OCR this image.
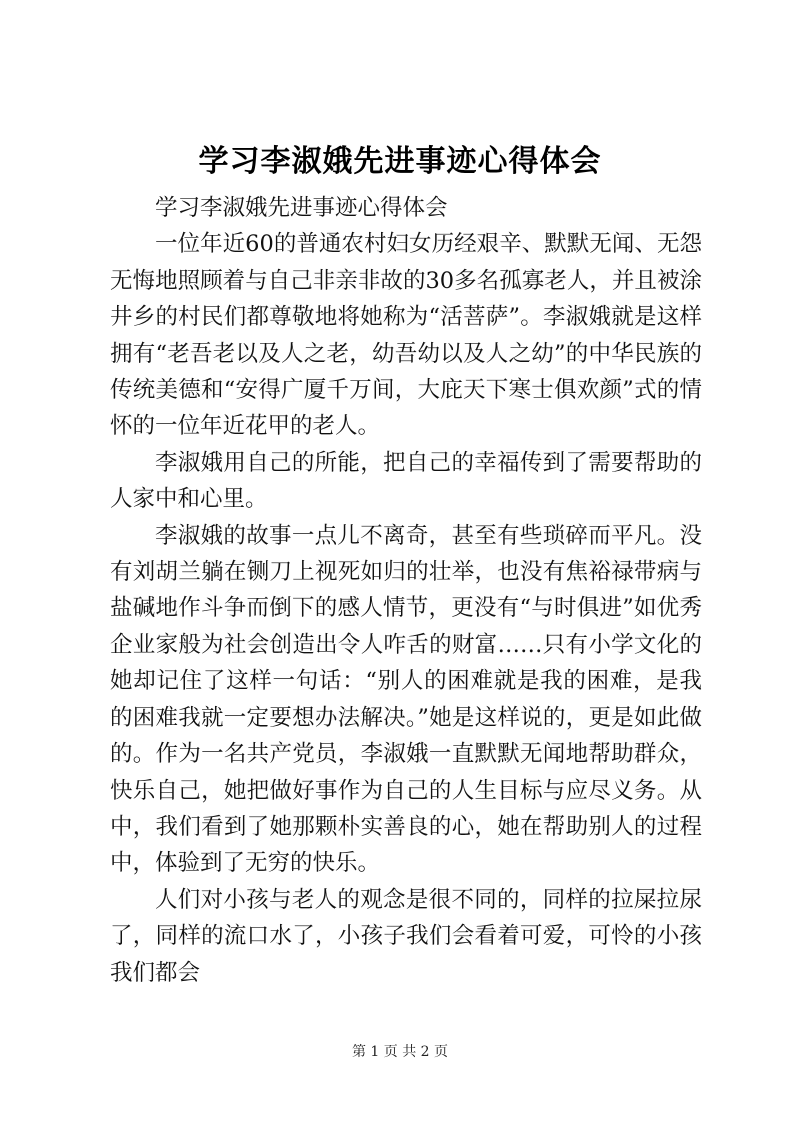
学习李淑娥先进事迹心得体会

学习李淑娥先进事迹心得体会

一位年近60的普通农村妇女历经艰辛、默默无闻、无怨无悔地照顾着与自己非亲非故的30多名孤寡老人，并且被涂井乡的村民们都尊敬地将她称为“活菩萨”。李淑娥就是这样拥有“老吾老以及人之老，幼吾幼以及人之幼”的中华民族的传统美德和“安得广厦千万间，大庇天下寒士俱欢颜”式的情怀的一位年近花甲的老人。

李淑娥用自己的所能，把自己的幸福传到了需要帮助的人家中和心里。

李淑娥的故事一点儿不离奇，甚至有些琐碎而平凡。没有刘胡兰躺在铡刀上视死如归的壮举，也没有焦裕禄带病与盐碱地作斗争而倒下的感人情节，更没有“与时俱进”如优秀企业家般为社会创造出令人咋舌的财富……只有小学文化的她却记住了这样一句话：“别人的困难就是我的困难，是我的困难我就一定要想办法解决。”她是这样说的，更是如此做的。作为一名共产党员，李淑娥一直默默无闻地帮助群众，快乐自己，她把做好事作为自己的人生目标与应尽义务。从中，我们看到了她那颗朴实善良的心，她在帮助别人的过程中，体验到了无穷的快乐。

人们对小孩与老人的观念是很不同的，同样的拉屎拉尿了，同样的流口水了，小孩子我们会看着可爱，可怜的小孩我们都会

第 1 页 共 2 页
